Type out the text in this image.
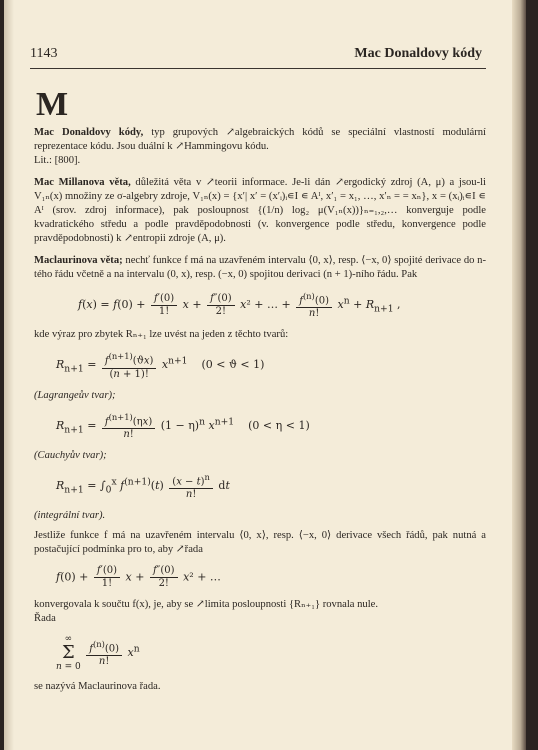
1143	Mac Donaldovy kódy
M

Mac Donaldovy kódy, typ grupových ↗algebraických kódů se speciální vlastností modulární reprezentace kódu. Jsou duální k ↗Hammingovu kódu.
Lit.: [800].

Mac Millanova věta, důležitá věta v ↗teorii informace. Je-li dán ↗ergodický zdroj (A, μ) a jsou-li V₁ₙ(x) množiny ze σ-algebry zdroje, V₁ₙ(x) = {x′| x′ = (x′ᵢ)ᵢ∊I ∊ Aᴵ, x′₁ = x₁, …, x′ₙ = = xₙ}, x = (xᵢ)ᵢ∊I ∊ Aᴵ (srov. zdroj informace), pak posloupnost {(1/n) log₂ μ(V₁ₙ(x))}ₙ₌₁,₂,… konverguje podle kvadratického středu a podle pravděpodobnosti (v. konvergence podle středu, konvergence podle pravděpodobnosti) k ↗entropii zdroje (A, μ).

Maclaurinova věta; nechť funkce f má na uzavřeném intervalu ⟨0, x⟩, resp. ⟨−x, 0⟩ spojité derivace do n-tého řádu včetně a na intervalu (0, x), resp. (−x, 0) spojitou derivaci (n + 1)-ního řádu. Pak

$f(x) = f(0) + \frac{f'(0)}{1!}$ $x + \frac{f''(0)}{2!} x^2$ + … + $\frac{f^{(n)}(0)}{n!} x^n + R_{n+1}$ ,

kde výraz pro zbytek Rₙ₊₁ lze uvést na jeden z těchto tvarů:

$R_{n+1} = \frac{f^{(n+1)}(ϑx)}{(n + 1)!} x^{n+1}$ (0 < ϑ < 1)

(Lagrangeův tvar);

$R_{n+1} = \frac{f^{(n+1)}(\eta x)}{n!} (1 - \eta)^n$ $x^{n+1}$ (0 < η < 1)

(Cauchyův tvar);

$R_{n+1} = \int_0^x$ $f^{(n+1)}(t) \frac{(x - t)^n}{n!}$ dt

(integrální tvar).

Jestliže funkce f má na uzavřeném intervalu ⟨0, x⟩, resp. ⟨−x, 0⟩ derivace všech řádů, pak nutná a postačující podmínka pro to, aby ↗řada

$f(0) + \frac{f'(0)}{1!}$ $x + \frac{f''(0)}{2!} x^2$ + …

konvergovala k součtu f(x), je, aby se ↗limita posloupnosti {Rₙ₊₁} rovnala nule.
Řada

∞
Σ
$n = 0 \frac{f^{(n)}(0)}{n!} x^n$

se nazývá Maclaurinova řada.
